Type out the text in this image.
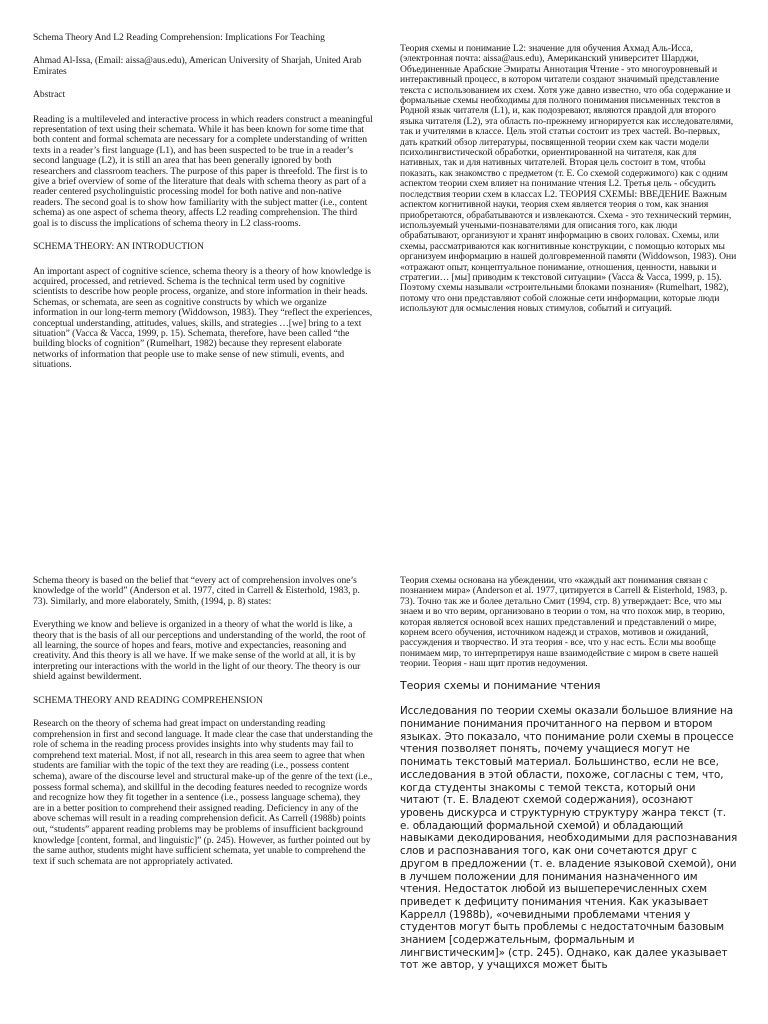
Schema Theory And L2 Reading Comprehension: Implications For Teaching

Ahmad Al-Issa, (Email: aissa@aus.edu), American University of Sharjah, United Arab Emirates

Abstract

Reading is a multileveled and interactive process in which readers construct a meaningful representation of text using their schemata. While it has been known for some time that both content and formal schemata are necessary for a complete understanding of written texts in a reader’s first language (L1), and has been suspected to be true in a reader’s second language (L2), it is still an area that has been generally ignored by both researchers and classroom teachers. The purpose of this paper is threefold. The first is to give a brief overview of some of the literature that deals with schema theory as part of a reader centered psycholinguistic processing model for both native and non-native readers. The second goal is to show how familiarity with the subject matter (i.e., content schema) as one aspect of schema theory, affects L2 reading comprehension. The third goal is to discuss the implications of schema theory in L2 class-rooms.

SCHEMA THEORY: AN INTRODUCTION

An important aspect of cognitive science, schema theory is a theory of how knowledge is acquired, processed, and retrieved. Schema is the technical term used by cognitive scientists to describe how people process, organize, and store information in their heads. Schemas, or schemata, are seen as cognitive constructs by which we organize information in our long-term memory (Widdowson, 1983). They “reflect the experiences, conceptual understanding, attitudes, values, skills, and strategies …[we] bring to a text situation” (Vacca & Vacca, 1999, p. 15). Schemata, therefore, have been called “the building blocks of cognition” (Rumelhart, 1982) because they represent elaborate networks of information that people use to make sense of new stimuli, events, and situations.

Теория схемы и понимание L2: значение для обучения Ахмад Аль-Исса, (электронная почта: aissa@aus.edu), Американский университет Шарджи, Объединенные Арабские Эмираты Аннотация Чтение - это многоуровневый и интерактивный процесс, в котором читатели создают значимый представление текста с использованием их схем. Хотя уже давно известно, что оба содержание и формальные схемы необходимы для полного понимания письменных текстов в Родной язык читателя (L1), и, как подозревают, являются правдой для второго языка читателя (L2), эта область по-прежнему игнорируется как исследователями, так и учителями в классе. Цель этой статьи состоит из трех частей. Во-первых, дать краткий обзор литературы, посвященной теории схем как части модели психолингвистической обработки, ориентированной на читателя, как для нативных, так и для нативных читателей. Вторая цель состоит в том, чтобы показать, как знакомство с предметом (т. Е. Со схемой содержимого) как с одним аспектом теории схем влияет на понимание чтения L2. Третья цель - обсудить последствия теории схем в классах L2. ТЕОРИЯ СХЕМЫ: ВВЕДЕНИЕ Важным аспектом когнитивной науки, теория схем является теория о том, как знания приобретаются, обрабатываются и извлекаются. Схема - это технический термин, используемый учеными-познавателями для описания того, как люди обрабатывают, организуют и хранят информацию в своих головах. Схемы, или схемы, рассматриваются как когнитивные конструкции, с помощью которых мы организуем информацию в нашей долговременной памяти (Widdowson, 1983). Они «отражают опыт, концептуальное понимание, отношения, ценности, навыки и стратегии… [мы] приводим к текстовой ситуации» (Vacca & Vacca, 1999, p. 15). Поэтому схемы называли «строительными блоками познания» (Rumelhart, 1982), потому что они представляют собой сложные сети информации, которые люди используют для осмысления новых стимулов, событий и ситуаций.

Schema theory is based on the belief that “every act of comprehension involves one’s knowledge of the world” (Anderson et al. 1977, cited in Carrell & Eisterhold, 1983, p. 73). Similarly, and more elaborately, Smith, (1994, p. 8) states:

Everything we know and believe is organized in a theory of what the world is like, a theory that is the basis of all our perceptions and understanding of the world, the root of all learning, the source of hopes and fears, motive and expectancies, reasoning and creativity. And this theory is all we have. If we make sense of the world at all, it is by interpreting our interactions with the world in the light of our theory. The theory is our shield against bewilderment.

SCHEMA THEORY AND READING COMPREHENSION

Research on the theory of schema had great impact on understanding reading comprehension in first and second language. It made clear the case that understanding the role of schema in the reading process provides insights into why students may fail to comprehend text material. Most, if not all, research in this area seem to agree that when students are familiar with the topic of the text they are reading (i.e., possess content schema), aware of the discourse level and structural make-up of the genre of the text (i.e., possess formal schema), and skillful in the decoding features needed to recognize words and recognize how they fit together in a sentence (i.e., possess language schema), they are in a better position to comprehend their assigned reading. Deficiency in any of the above schemas will result in a reading comprehension deficit. As Carrell (1988b) points out, “students” apparent reading problems may be problems of insufficient background knowledge [content, formal, and linguistic]” (p. 245). However, as further pointed out by the same author, students might have sufficient schemata, yet unable to comprehend the text if such schemata are not appropriately activated.

Теория схемы основана на убеждении, что «каждый акт понимания связан с познанием мира» (Anderson et al. 1977, цитируется в Carrell & Eisterhold, 1983, p. 73). Точно так же и более детально Смит (1994, стр. 8) утверждает: Все, что мы знаем и во что верим, организовано в теории о том, на что похож мир, в теорию, которая является основой всех наших представлений и представлений о мире, корнем всего обучения, источником надежд и страхов, мотивов и ожиданий, рассуждения и творчество. И эта теория - все, что у нас есть. Если мы вообще понимаем мир, то интерпретируя наше взаимодействие с миром в свете нашей теории. Теория - наш щит против недоумения.

Теория схемы и понимание чтения

Исследования по теории схемы оказали большое влияние на понимание понимания прочитанного на первом и втором языках. Это показало, что понимание роли схемы в процессе чтения позволяет понять, почему учащиеся могут не понимать текстовый материал. Большинство, если не все, исследования в этой области, похоже, согласны с тем, что, когда студенты знакомы с темой текста, который они читают (т. Е. Владеют схемой содержания), осознают уровень дискурса и структурную структуру жанра текст (т. е. обладающий формальной схемой) и обладающий навыками декодирования, необходимыми для распознавания слов и распознавания того, как они сочетаются друг с другом в предложении (т. е. владение языковой схемой), они в лучшем положении для понимания назначенного им чтения. Недостаток любой из вышеперечисленных схем приведет к дефициту понимания чтения. Как указывает Каррелл (1988b), «очевидными проблемами чтения у студентов могут быть проблемы с недостаточным базовым знанием [содержательным, формальным и лингвистическим]» (стр. 245). Однако, как далее указывает тот же автор, у учащихся может быть
